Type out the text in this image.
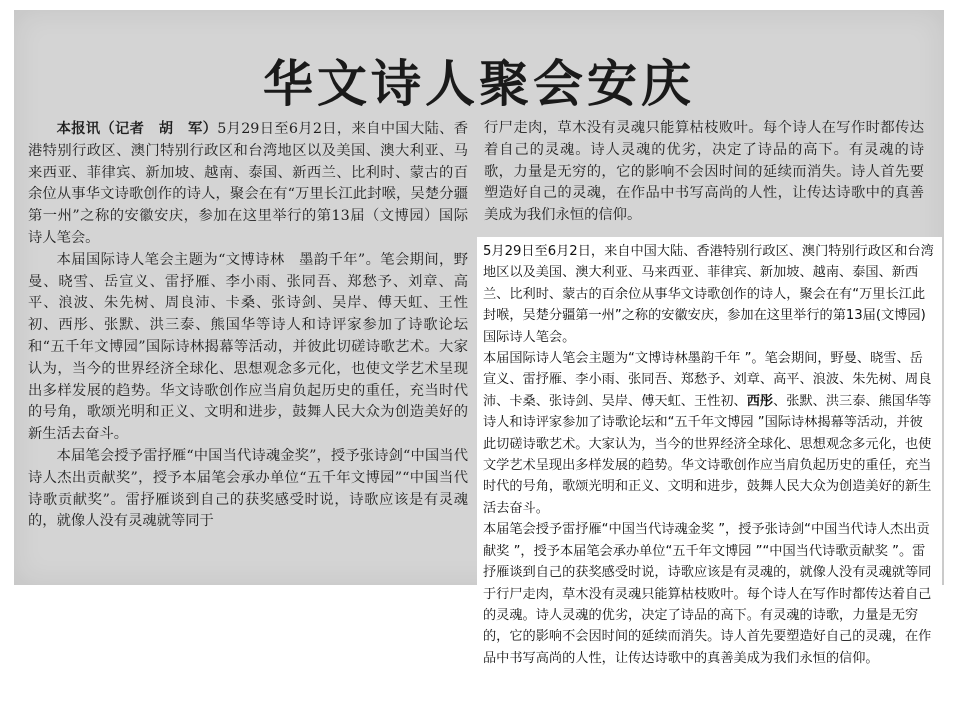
华文诗人聚会安庆

本报讯（记者　胡　军）5月29日至6月2日，来自中国大陆、香港特别行政区、澳门特别行政区和台湾地区以及美国、澳大利亚、马来西亚、菲律宾、新加坡、越南、泰国、新西兰、比利时、蒙古的百余位从事华文诗歌创作的诗人，聚会在有“万里长江此封喉，吴楚分疆第一州”之称的安徽安庆，参加在这里举行的第13届（文博园）国际诗人笔会。

本届国际诗人笔会主题为“文博诗林　墨韵千年”。笔会期间，野曼、晓雪、岳宣义、雷抒雁、李小雨、张同吾、郑愁予、刘章、高平、浪波、朱先树、周良沛、卡桑、张诗剑、吴岸、傅天虹、王性初、西彤、张默、洪三泰、熊国华等诗人和诗评家参加了诗歌论坛和“五千年文博园”国际诗林揭幕等活动，并彼此切磋诗歌艺术。大家认为，当今的世界经济全球化、思想观念多元化，也使文学艺术呈现出多样发展的趋势。华文诗歌创作应当肩负起历史的重任，充当时代的号角，歌颂光明和正义、文明和进步，鼓舞人民大众为创造美好的新生活去奋斗。

本届笔会授予雷抒雁“中国当代诗魂金奖”，授予张诗剑“中国当代诗人杰出贡献奖”，授予本届笔会承办单位“五千年文博园”“中国当代诗歌贡献奖”。雷抒雁谈到自己的获奖感受时说，诗歌应该是有灵魂的，就像人没有灵魂就等同于

行尸走肉，草木没有灵魂只能算枯枝败叶。每个诗人在写作时都传达着自己的灵魂。诗人灵魂的优劣，决定了诗品的高下。有灵魂的诗歌，力量是无穷的，它的影响不会因时间的延续而消失。诗人首先要塑造好自己的灵魂，在作品中书写高尚的人性，让传达诗歌中的真善美成为我们永恒的信仰。

5月29日至6月2日，来自中国大陆、香港特别行政区、澳门特别行政区和台湾地区以及美国、澳大利亚、马来西亚、菲律宾、新加坡、越南、泰国、新西兰、比利时、蒙古的百余位从事华文诗歌创作的诗人，聚会在有“万里长江此封喉，吴楚分疆第一州”之称的安徽安庆，参加在这里举行的第13届(文博园)国际诗人笔会。

本届国际诗人笔会主题为“文博诗林墨韵千年 ”。笔会期间，野曼、晓雪、岳宣义、雷抒雁、李小雨、张同吾、郑愁予、刘章、高平、浪波、朱先树、周良沛、卡桑、张诗剑、吴岸、傅天虹、王性初、西彤、张默、洪三泰、熊国华等诗人和诗评家参加了诗歌论坛和“五千年文博园 ”国际诗林揭幕等活动，并彼此切磋诗歌艺术。大家认为，当今的世界经济全球化、思想观念多元化，也使文学艺术呈现出多样发展的趋势。华文诗歌创作应当肩负起历史的重任，充当时代的号角，歌颂光明和正义、文明和进步，鼓舞人民大众为创造美好的新生活去奋斗。

本届笔会授予雷抒雁“中国当代诗魂金奖 ”，授予张诗剑“中国当代诗人杰出贡献奖 ”，授予本届笔会承办单位“五千年文博园 ”“中国当代诗歌贡献奖 ”。雷抒雁谈到自己的获奖感受时说，诗歌应该是有灵魂的，就像人没有灵魂就等同于行尸走肉，草木没有灵魂只能算枯枝败叶。每个诗人在写作时都传达着自己的灵魂。诗人灵魂的优劣，决定了诗品的高下。有灵魂的诗歌，力量是无穷的，它的影响不会因时间的延续而消失。诗人首先要塑造好自己的灵魂，在作品中书写高尚的人性，让传达诗歌中的真善美成为我们永恒的信仰。
